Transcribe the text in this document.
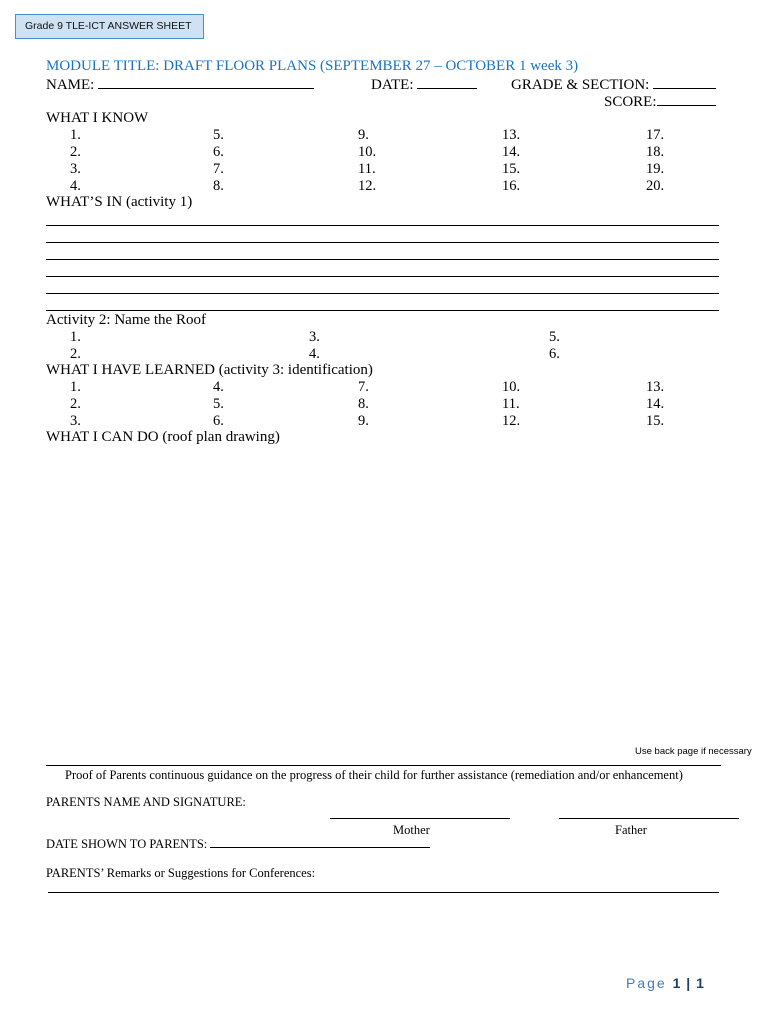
Grade 9 TLE-ICT ANSWER SHEET
MODULE TITLE: DRAFT FLOOR PLANS (SEPTEMBER 27 – OCTOBER 1 week 3)
NAME:	DATE:	GRADE & SECTION:
SCORE:
WHAT I KNOW
1.	5.	9.	13.	17.
2.	6.	10.	14.	18.
3.	7.	11.	15.	19.
4.	8.	12.	16.	20.
WHAT’S IN (activity 1)
Activity 2: Name the Roof
1.	3.	5.
2.	4.	6.
WHAT I HAVE LEARNED (activity 3: identification)
1.	4.	7.	10.	13.
2.	5.	8.	11.	14.
3.	6.	9.	12.	15.
WHAT I CAN DO (roof plan drawing)
Use back page if necessary
Proof of Parents continuous guidance on the progress of their child for further assistance (remediation and/or enhancement)
PARENTS NAME AND SIGNATURE:
Mother	Father
DATE SHOWN TO PARENTS:
PARENTS’ Remarks or Suggestions for Conferences:
Page 1 | 1
